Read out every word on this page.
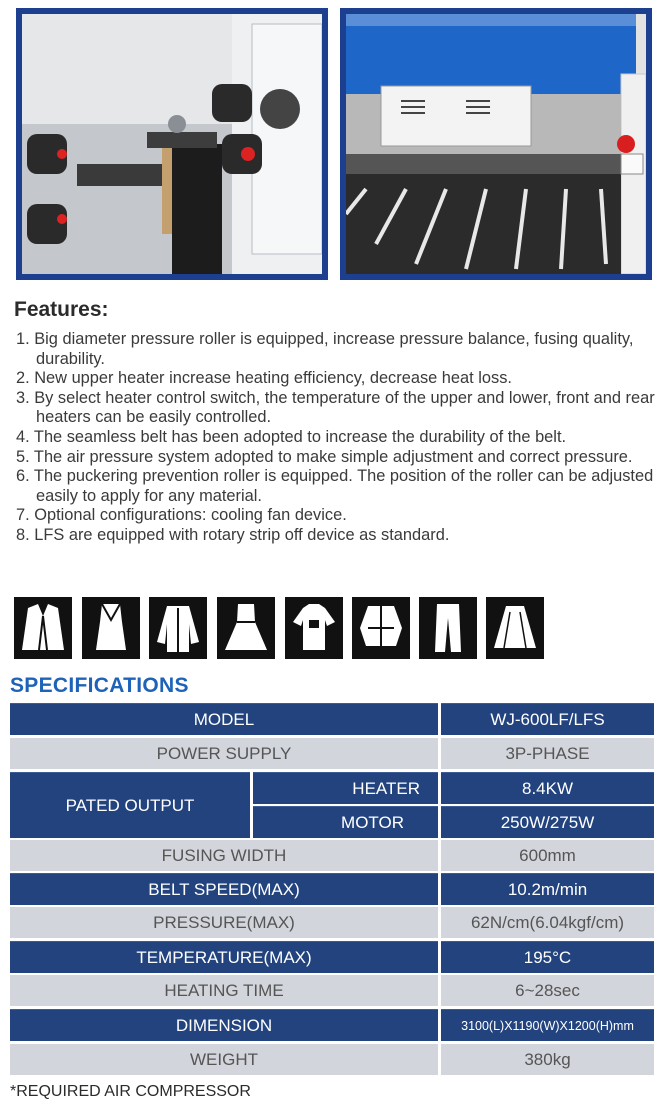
Features:
1. Big diameter pressure roller is equipped, increase pressure balance, fusing quality, durability.
2. New upper heater increase heating efficiency, decrease heat loss.
3. By select heater control switch, the temperature of the upper and lower, front and rear heaters can be easily controlled.
4. The seamless belt has been adopted to increase the durability of the belt.
5. The air pressure system adopted to make simple adjustment and correct pressure.
6. The puckering prevention roller is equipped. The position of the roller can be adjusted easily to apply for any material.
7. Optional configurations: cooling fan device.
8. LFS are equipped with rotary strip off device as standard.
SPECIFICATIONS
MODEL	WJ-600LF/LFS
POWER SUPPLY	3P-PHASE
PATED OUTPUT
HEATER	8.4KW
MOTOR	250W/275W
FUSING WIDTH	600mm
BELT SPEED(MAX)	10.2m/min
PRESSURE(MAX)	62N/cm(6.04kgf/cm)
TEMPERATURE(MAX)	195°C
HEATING TIME	6~28sec
DIMENSION	3100(L)X1190(W)X1200(H)mm
WEIGHT	380kg
*REQUIRED AIR COMPRESSOR
